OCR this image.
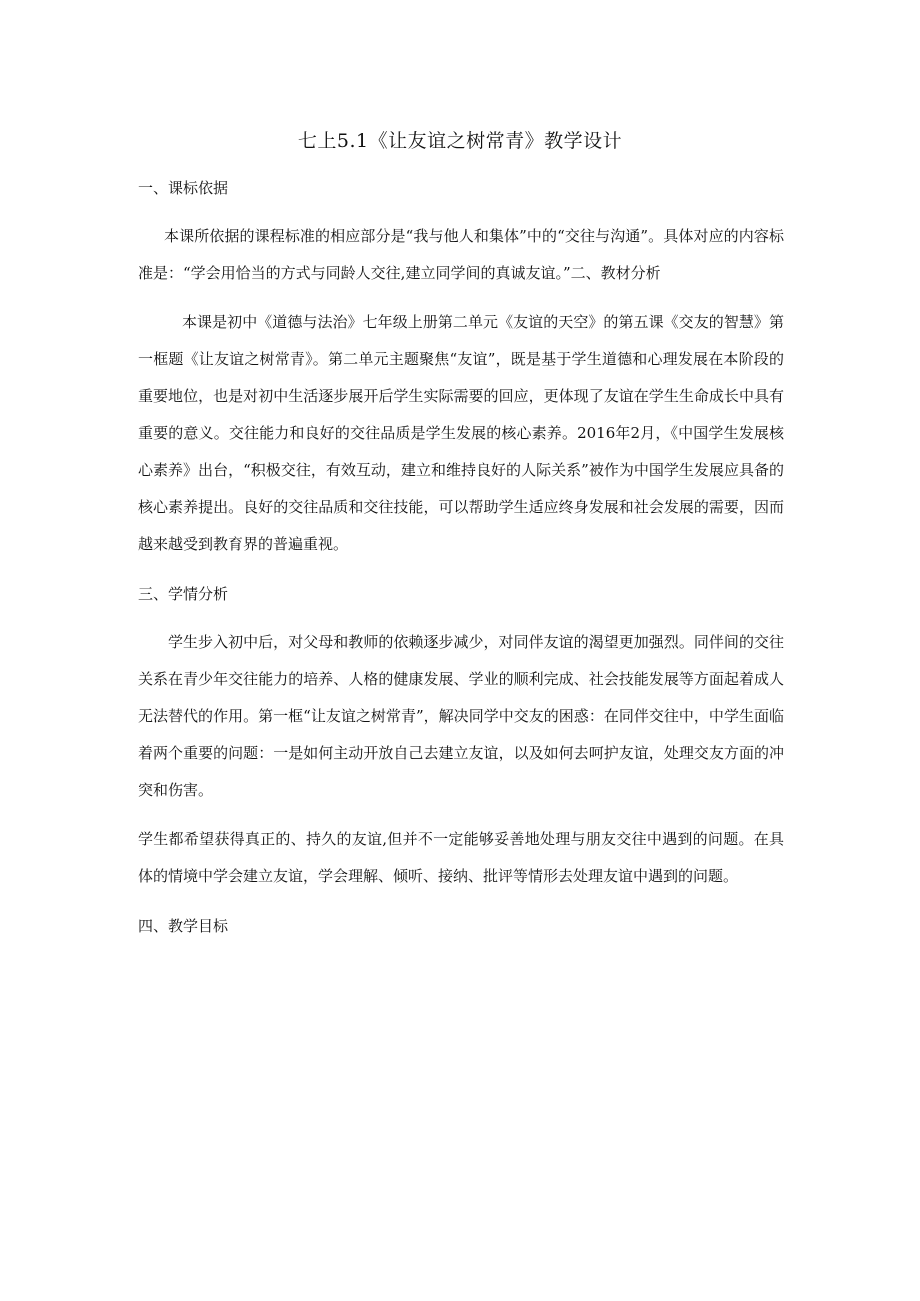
七上5.1《让友谊之树常青》教学设计
一、课标依据

本课所依据的课程标准的相应部分是“我与他人和集体”中的“交往与沟通”。具体对应的内容标准是：“学会用恰当的方式与同龄人交往,建立同学间的真诚友谊。”二、教材分析

本课是初中《道德与法治》七年级上册第二单元《友谊的天空》的第五课《交友的智慧》第一框题《让友谊之树常青》。第二单元主题聚焦“友谊”，既是基于学生道德和心理发展在本阶段的重要地位，也是对初中生活逐步展开后学生实际需要的回应，更体现了友谊在学生生命成长中具有重要的意义。交往能力和良好的交往品质是学生发展的核心素养。2016年2月，《中国学生发展核心素养》出台，“积极交往，有效互动，建立和维持良好的人际关系”被作为中国学生发展应具备的核心素养提出。良好的交往品质和交往技能，可以帮助学生适应终身发展和社会发展的需要，因而越来越受到教育界的普遍重视。

三、学情分析

学生步入初中后，对父母和教师的依赖逐步减少，对同伴友谊的渴望更加强烈。同伴间的交往关系在青少年交往能力的培养、人格的健康发展、学业的顺利完成、社会技能发展等方面起着成人无法替代的作用。第一框“让友谊之树常青”，解决同学中交友的困惑：在同伴交往中，中学生面临着两个重要的问题：一是如何主动开放自己去建立友谊，以及如何去呵护友谊，处理交友方面的冲突和伤害。

学生都希望获得真正的、持久的友谊,但并不一定能够妥善地处理与朋友交往中遇到的问题。在具体的情境中学会建立友谊，学会理解、倾听、接纳、批评等情形去处理友谊中遇到的问题。

四、教学目标
